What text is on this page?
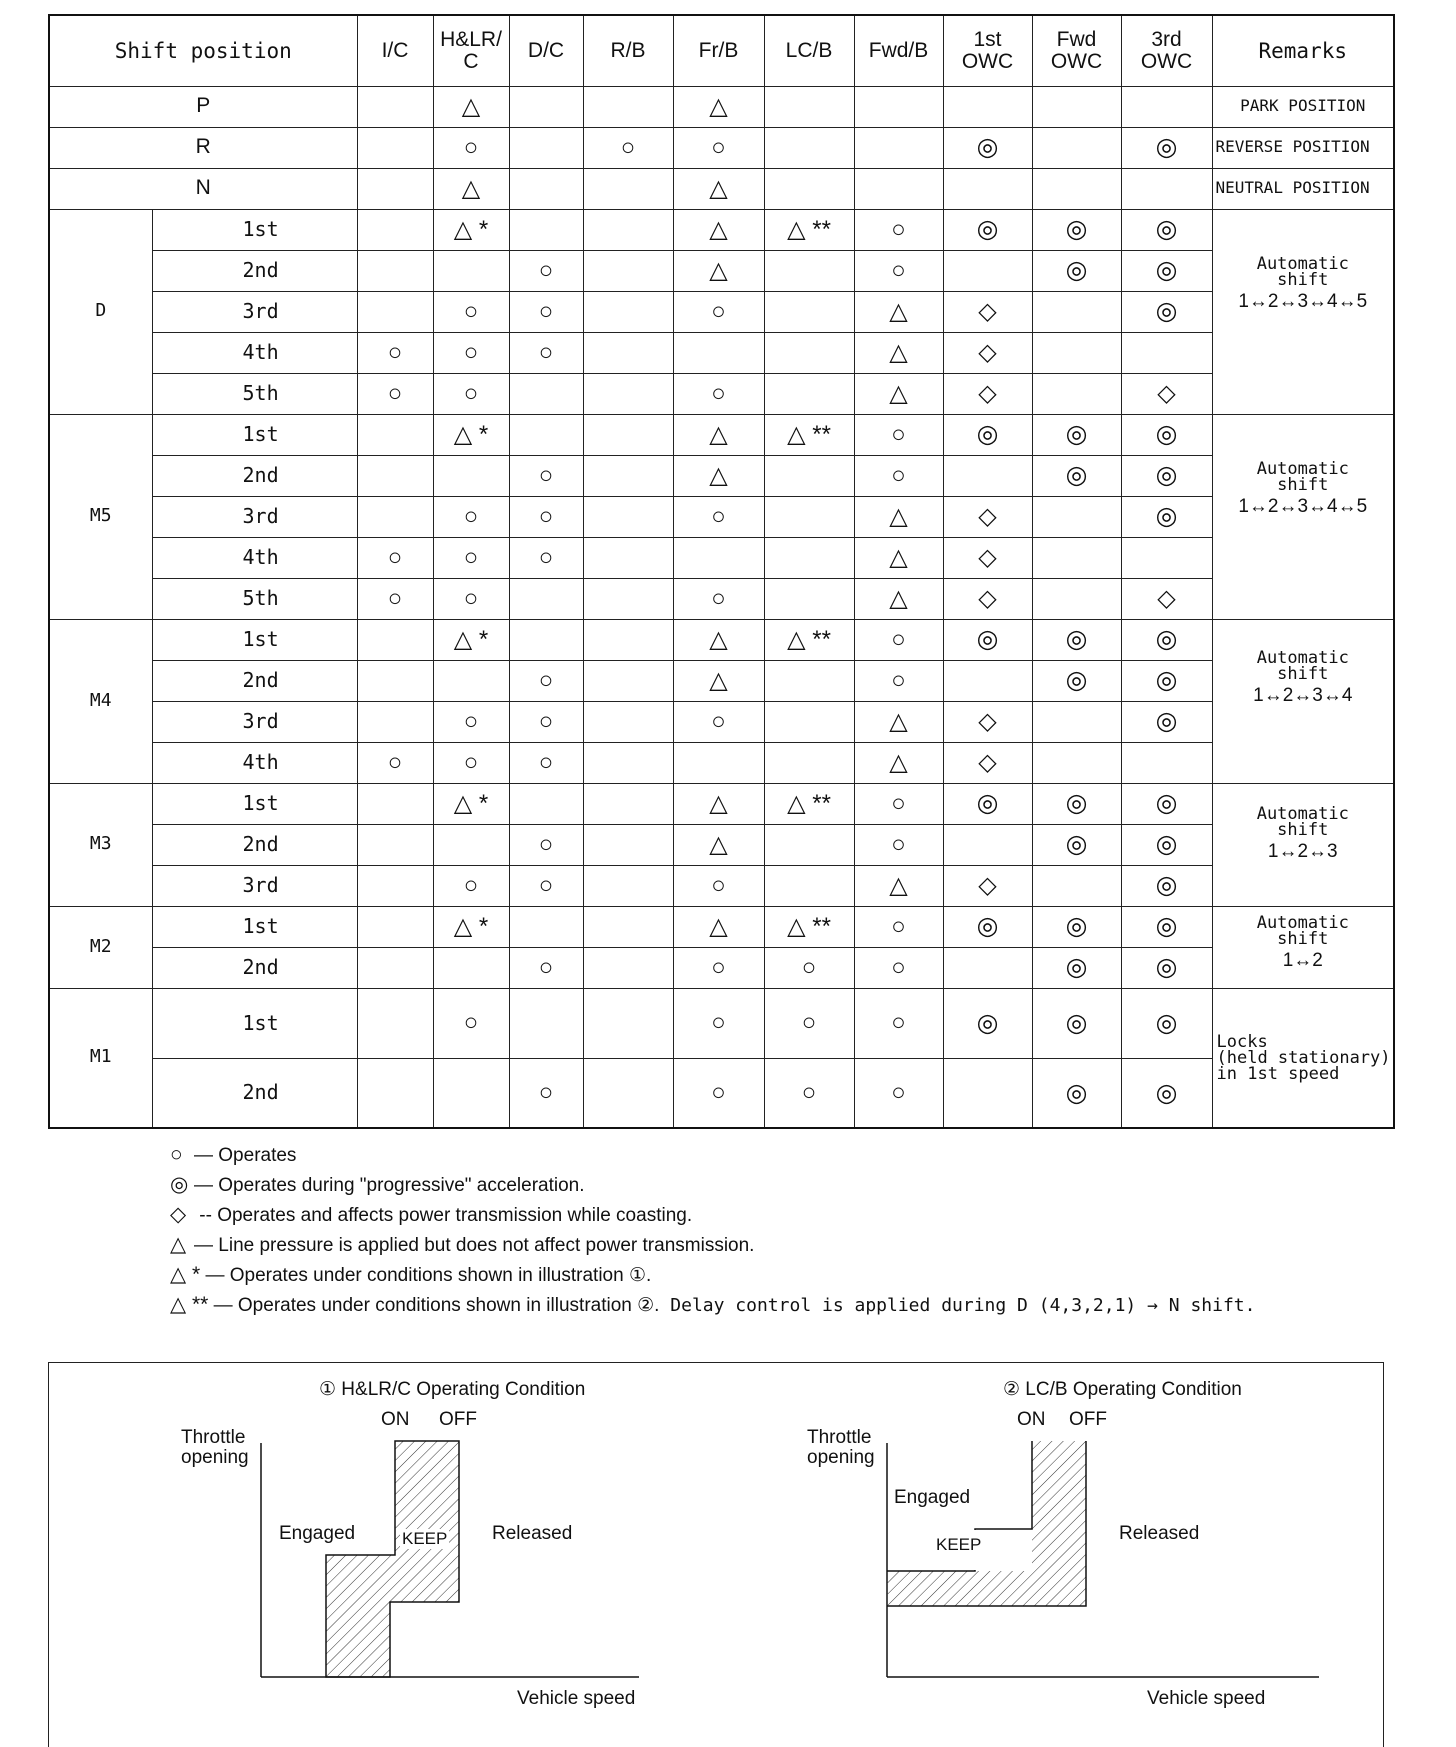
Shift position		I/C	H&LR/C	D/C	R/B	Fr/B	LC/B	Fwd/B	1st OWC	Fwd OWC	3rd OWC	Remarks
P			△			△						PARK POSITION
R			○		○	○			◎		◎	REVERSE POSITION
N			△			△						NEUTRAL POSITION
D	1st		△ *			△	△ **	○	◎	◎	◎	Automatic
shift
1↔2↔3↔4↔5

	2nd			○		△		○		◎	◎	
	3rd		○	○		○		△	◇		◎	
	4th	○	○	○				△	◇			
	5th	○	○			○		△	◇		◇	
M5	1st		△ *			△	△ **	○	◎	◎	◎	Automatic
shift
1↔2↔3↔4↔5

	2nd			○		△		○		◎	◎	
	3rd		○	○		○		△	◇		◎	
	4th	○	○	○				△	◇			
	5th	○	○			○		△	◇		◇	
M4	1st		△ *			△	△ **	○	◎	◎	◎	Automatic
shift
1↔2↔3↔4

	2nd			○		△		○		◎	◎	
	3rd		○	○		○		△	◇		◎	
	4th	○	○	○				△	◇			
M3	1st		△ *			△	△ **	○	◎	◎	◎	Automatic
shift
1↔2↔3

	2nd			○		△		○		◎	◎	
	3rd		○	○		○		△	◇		◎	
M2	1st		△ *			△	△ **	○	◎	◎	◎	Automatic
shift
1↔2

	2nd			○		○	○	○		◎	◎	
M1	1st		○			○	○	○	◎	◎	◎	Locks
(held stationary)
in 1st speed

	2nd			○		○	○	○		◎	◎	
○ — Operates
◎ — Operates during "progressive" acceleration.
◇ -- Operates and affects power transmission while coasting.
△ — Line pressure is applied but does not affect power transmission.
△ * — Operates under conditions shown in illustration ①.
△ ** — Operates under conditions shown in illustration ②. Delay control is applied during D (4,3,2,1) → N shift.
① H&LR/C Operating Condition
ON OFF
Throttle
opening
Engaged	KEEP Released
Vehicle speed
② LC/B Operating Condition
ON OFF
Throttle
opening
Engaged
KEEP
Released
Vehicle speed
